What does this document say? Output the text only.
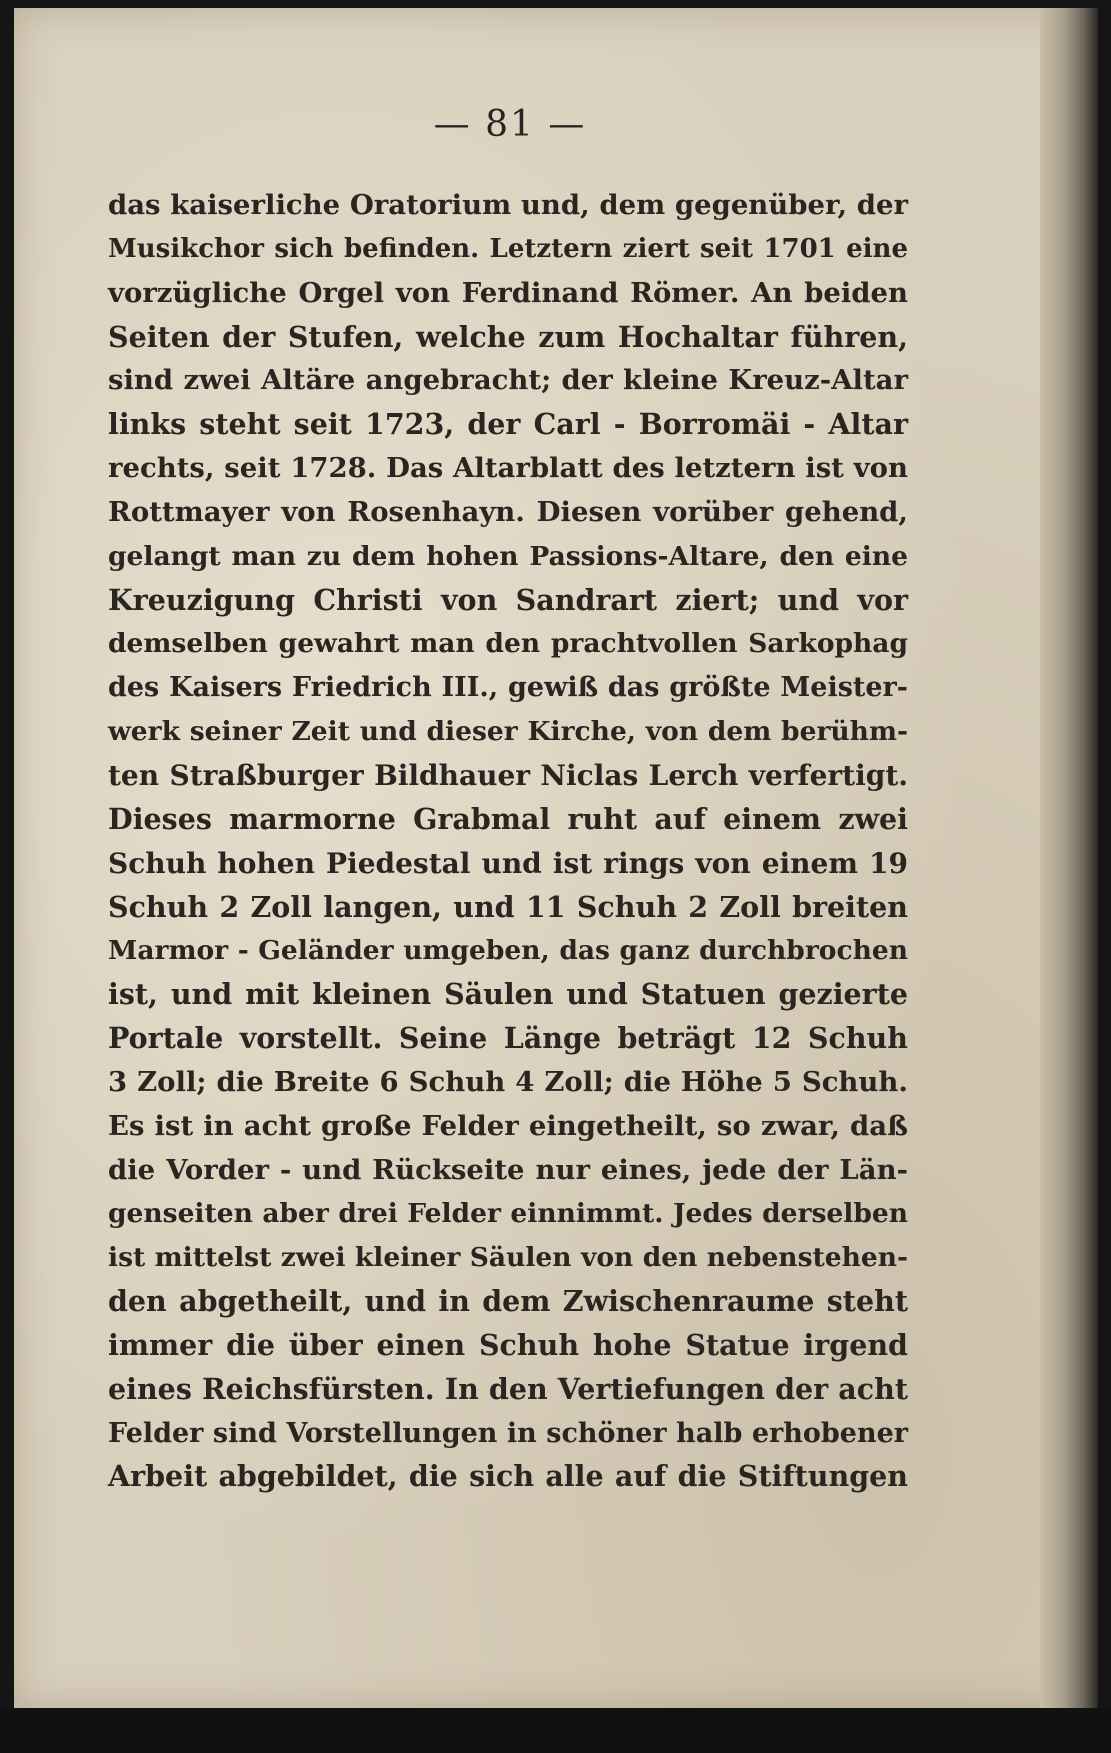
— 81 —
das kaiserliche Oratorium und, dem gegenüber, der
Musikchor sich befinden. Letztern ziert seit 1701 eine
vorzügliche Orgel von Ferdinand Römer. An beiden
Seiten der Stufen, welche zum Hochaltar führen,
sind zwei Altäre angebracht; der kleine Kreuz-Altar
links steht seit 1723, der Carl - Borromäi - Altar
rechts, seit 1728. Das Altarblatt des letztern ist von
Rottmayer von Rosenhayn. Diesen vorüber gehend,
gelangt man zu dem hohen Passions-Altare, den eine
Kreuzigung Christi von Sandrart ziert; und vor
demselben gewahrt man den prachtvollen Sarkophag
des Kaisers Friedrich III., gewiß das größte Meister-
werk seiner Zeit und dieser Kirche, von dem berühm-
ten Straßburger Bildhauer Niclas Lerch verfertigt.
Dieses marmorne Grabmal ruht auf einem zwei
Schuh hohen Piedestal und ist rings von einem 19
Schuh 2 Zoll langen, und 11 Schuh 2 Zoll breiten
Marmor - Geländer umgeben, das ganz durchbrochen
ist, und mit kleinen Säulen und Statuen gezierte
Portale vorstellt. Seine Länge beträgt 12 Schuh
3 Zoll; die Breite 6 Schuh 4 Zoll; die Höhe 5 Schuh.
Es ist in acht große Felder eingetheilt, so zwar, daß
die Vorder - und Rückseite nur eines, jede der Län-
genseiten aber drei Felder einnimmt. Jedes derselben
ist mittelst zwei kleiner Säulen von den nebenstehen-
den abgetheilt, und in dem Zwischenraume steht
immer die über einen Schuh hohe Statue irgend
eines Reichsfürsten. In den Vertiefungen der acht
Felder sind Vorstellungen in schöner halb erhobener
Arbeit abgebildet, die sich alle auf die Stiftungen
